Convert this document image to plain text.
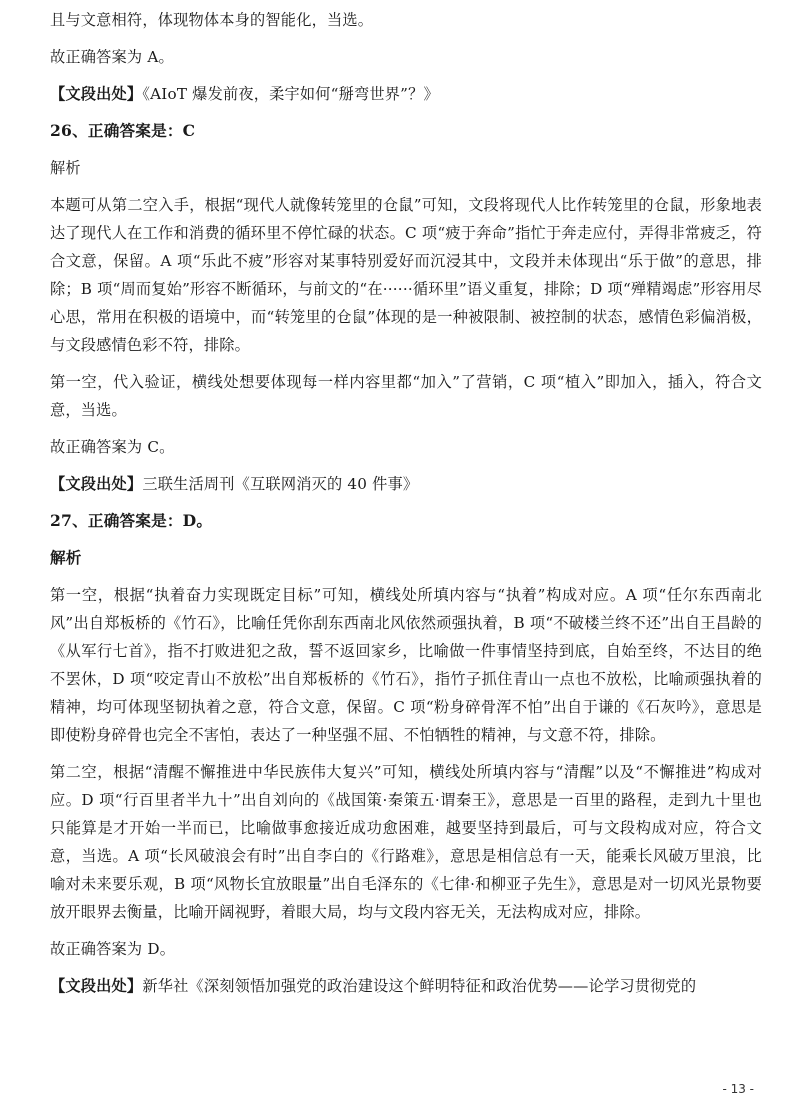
且与文意相符，体现物体本身的智能化，当选。

故正确答案为 A。

【文段出处】《AIoT 爆发前夜，柔宇如何“掰弯世界”？》

26、正确答案是：C

解析

本题可从第二空入手，根据“现代人就像转笼里的仓鼠”可知，文段将现代人比作转笼里的仓鼠，形象地表达了现代人在工作和消费的循环里不停忙碌的状态。C 项“疲于奔命”指忙于奔走应付，弄得非常疲乏，符合文意，保留。A 项“乐此不疲”形容对某事特别爱好而沉浸其中，文段并未体现出“乐于做”的意思，排除；B 项“周而复始”形容不断循环，与前文的“在······循环里”语义重复，排除；D 项“殚精竭虑”形容用尽心思，常用在积极的语境中，而“转笼里的仓鼠”体现的是一种被限制、被控制的状态，感情色彩偏消极，与文段感情色彩不符，排除。

第一空，代入验证，横线处想要体现每一样内容里都“加入”了营销，C 项“植入”即加入，插入，符合文意，当选。

故正确答案为 C。

【文段出处】三联生活周刊《互联网消灭的 40 件事》

27、正确答案是：D。

解析

第一空，根据“执着奋力实现既定目标”可知，横线处所填内容与“执着”构成对应。A 项“任尔东西南北风”出自郑板桥的《竹石》，比喻任凭你刮东西南北风依然顽强执着，B 项“不破楼兰终不还”出自王昌龄的《从军行七首》，指不打败进犯之敌，誓不返回家乡，比喻做一件事情坚持到底，自始至终，不达目的绝不罢休，D 项“咬定青山不放松”出自郑板桥的《竹石》，指竹子抓住青山一点也不放松，比喻顽强执着的精神，均可体现坚韧执着之意，符合文意，保留。C 项“粉身碎骨浑不怕”出自于谦的《石灰吟》，意思是即使粉身碎骨也完全不害怕，表达了一种坚强不屈、不怕牺牲的精神，与文意不符，排除。

第二空，根据“清醒不懈推进中华民族伟大复兴”可知，横线处所填内容与“清醒”以及“不懈推进”构成对应。D 项“行百里者半九十”出自刘向的《战国策·秦策五·谓秦王》，意思是一百里的路程，走到九十里也只能算是才开始一半而已，比喻做事愈接近成功愈困难，越要坚持到最后，可与文段构成对应，符合文意，当选。A 项“长风破浪会有时”出自李白的《行路难》，意思是相信总有一天，能乘长风破万里浪，比喻对未来要乐观，B 项“风物长宜放眼量”出自毛泽东的《七律·和柳亚子先生》，意思是对一切风光景物要放开眼界去衡量，比喻开阔视野，着眼大局，均与文段内容无关，无法构成对应，排除。

故正确答案为 D。

【文段出处】新华社《深刻领悟加强党的政治建设这个鲜明特征和政治优势——论学习贯彻党的

- 13 -
